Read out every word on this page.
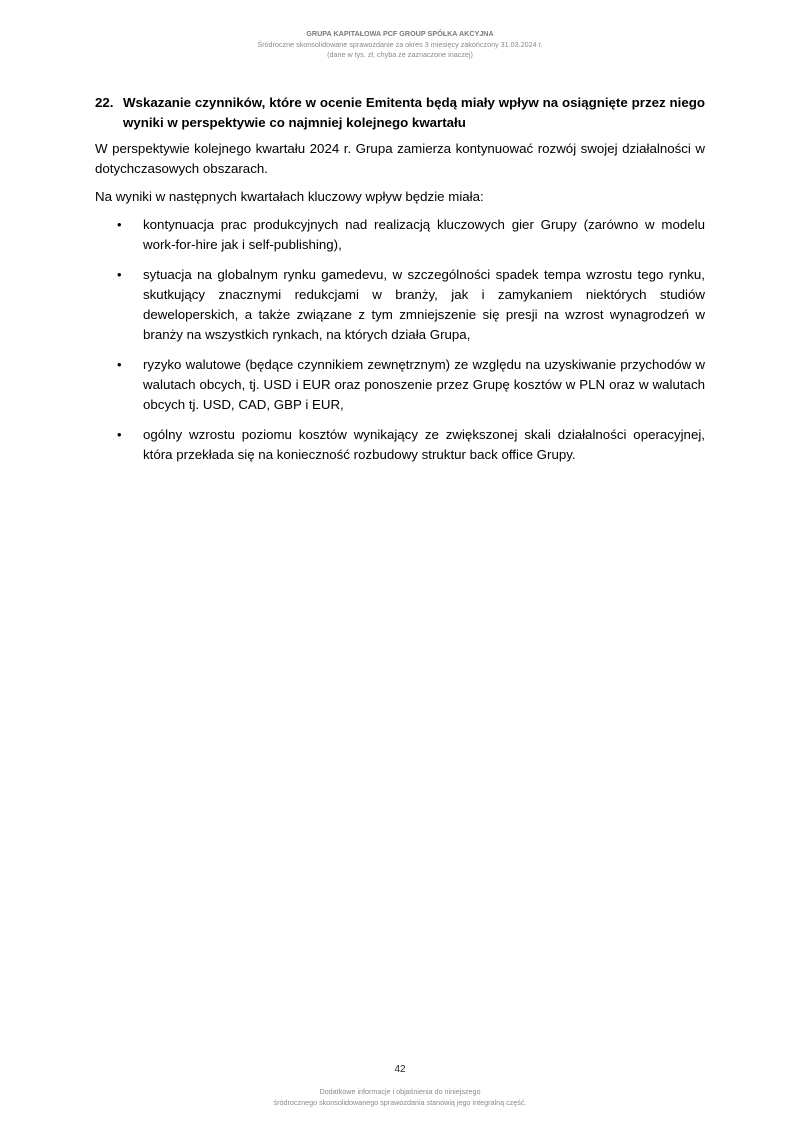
GRUPA KAPITAŁOWA PCF GROUP SPÓŁKA AKCYJNA
Śródroczne skonsolidowane sprawozdanie za okres 3 miesięcy zakończony 31.03.2024 r.
(dane w tys. zł, chyba że zaznaczone inaczej)
22. Wskazanie czynników, które w ocenie Emitenta będą miały wpływ na osiągnięte przez niego wyniki w perspektywie co najmniej kolejnego kwartału

W perspektywie kolejnego kwartału 2024 r. Grupa zamierza kontynuować rozwój swojej działalności w dotychczasowych obszarach.

Na wyniki w następnych kwartałach kluczowy wpływ będzie miała:

•	kontynuacja prac produkcyjnych nad realizacją kluczowych gier Grupy (zarówno w modelu work-for-hire jak i self-publishing),
•	sytuacja na globalnym rynku gamedevu, w szczególności spadek tempa wzrostu tego rynku, skutkujący znacznymi redukcjami w branży, jak i zamykaniem niektórych studiów deweloperskich, a także związane z tym zmniejszenie się presji na wzrost wynagrodzeń w branży na wszystkich rynkach, na których działa Grupa,
•	ryzyko walutowe (będące czynnikiem zewnętrznym) ze względu na uzyskiwanie przychodów w walutach obcych, tj. USD i EUR oraz ponoszenie przez Grupę kosztów w PLN oraz w walutach obcych tj. USD, CAD, GBP i EUR,
•	ogólny wzrostu poziomu kosztów wynikający ze zwiększonej skali działalności operacyjnej, która przekłada się na konieczność rozbudowy struktur back office Grupy.
42
Dodatkowe informacje i objaśnienia do niniejszego
śródrocznego skonsolidowanego sprawozdania stanowią jego integralną część.
